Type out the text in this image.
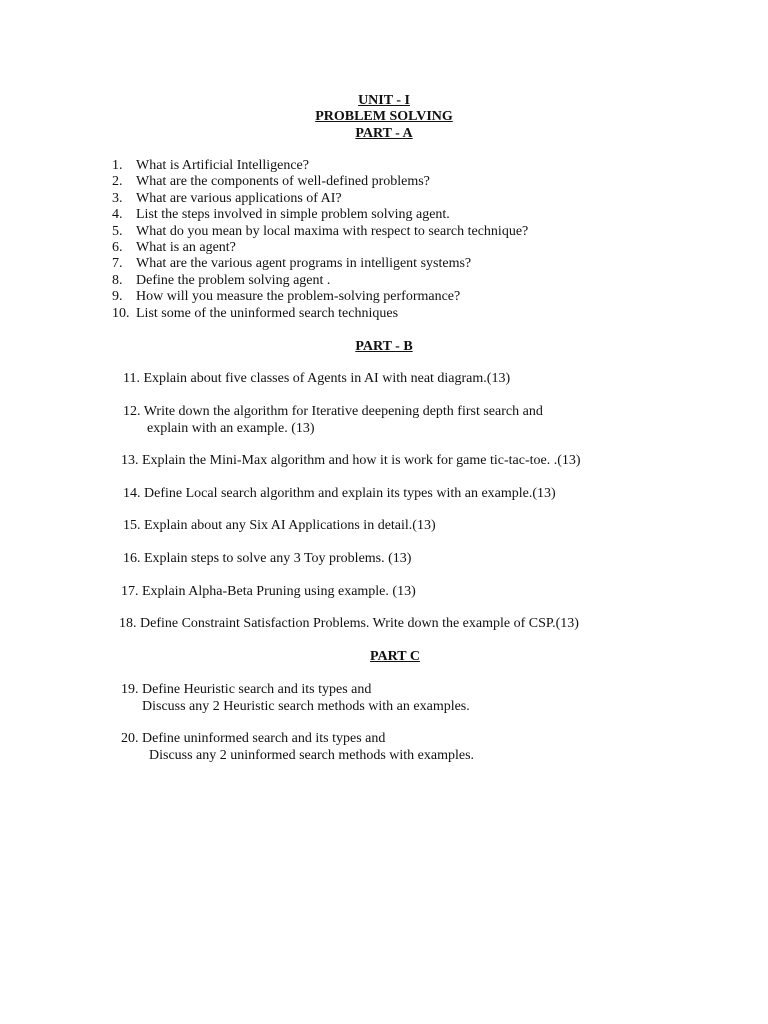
UNIT - I

PROBLEM SOLVING

PART - A

1. What is Artificial Intelligence?
2. What are the components of well-defined problems?
3. What are various applications of AI?
4. List the steps involved in simple problem solving agent.
5. What do you mean by local maxima with respect to search technique?
6. What is an agent?
7. What are the various agent programs in intelligent systems?
8. Define the problem solving agent .
9. How will you measure the problem-solving performance?
10. List some of the uninformed search techniques

PART - B

11. Explain about five classes of Agents in AI with neat diagram.(13)

12. Write down the algorithm for Iterative deepening depth first search and
explain with an example. (13)

13. Explain the Mini-Max algorithm and how it is work for game tic-tac-toe. .(13)

14. Define Local search algorithm and explain its types with an example.(13)

15. Explain about any Six AI Applications in detail.(13)

16. Explain steps to solve any 3 Toy problems. (13)

17. Explain Alpha-Beta Pruning using example. (13)

18. Define Constraint Satisfaction Problems. Write down the example of CSP.(13)

PART C

19. Define Heuristic search and its types and
Discuss any 2 Heuristic search methods with an examples.

20. Define uninformed search and its types and
Discuss any 2 uninformed search methods with examples.
